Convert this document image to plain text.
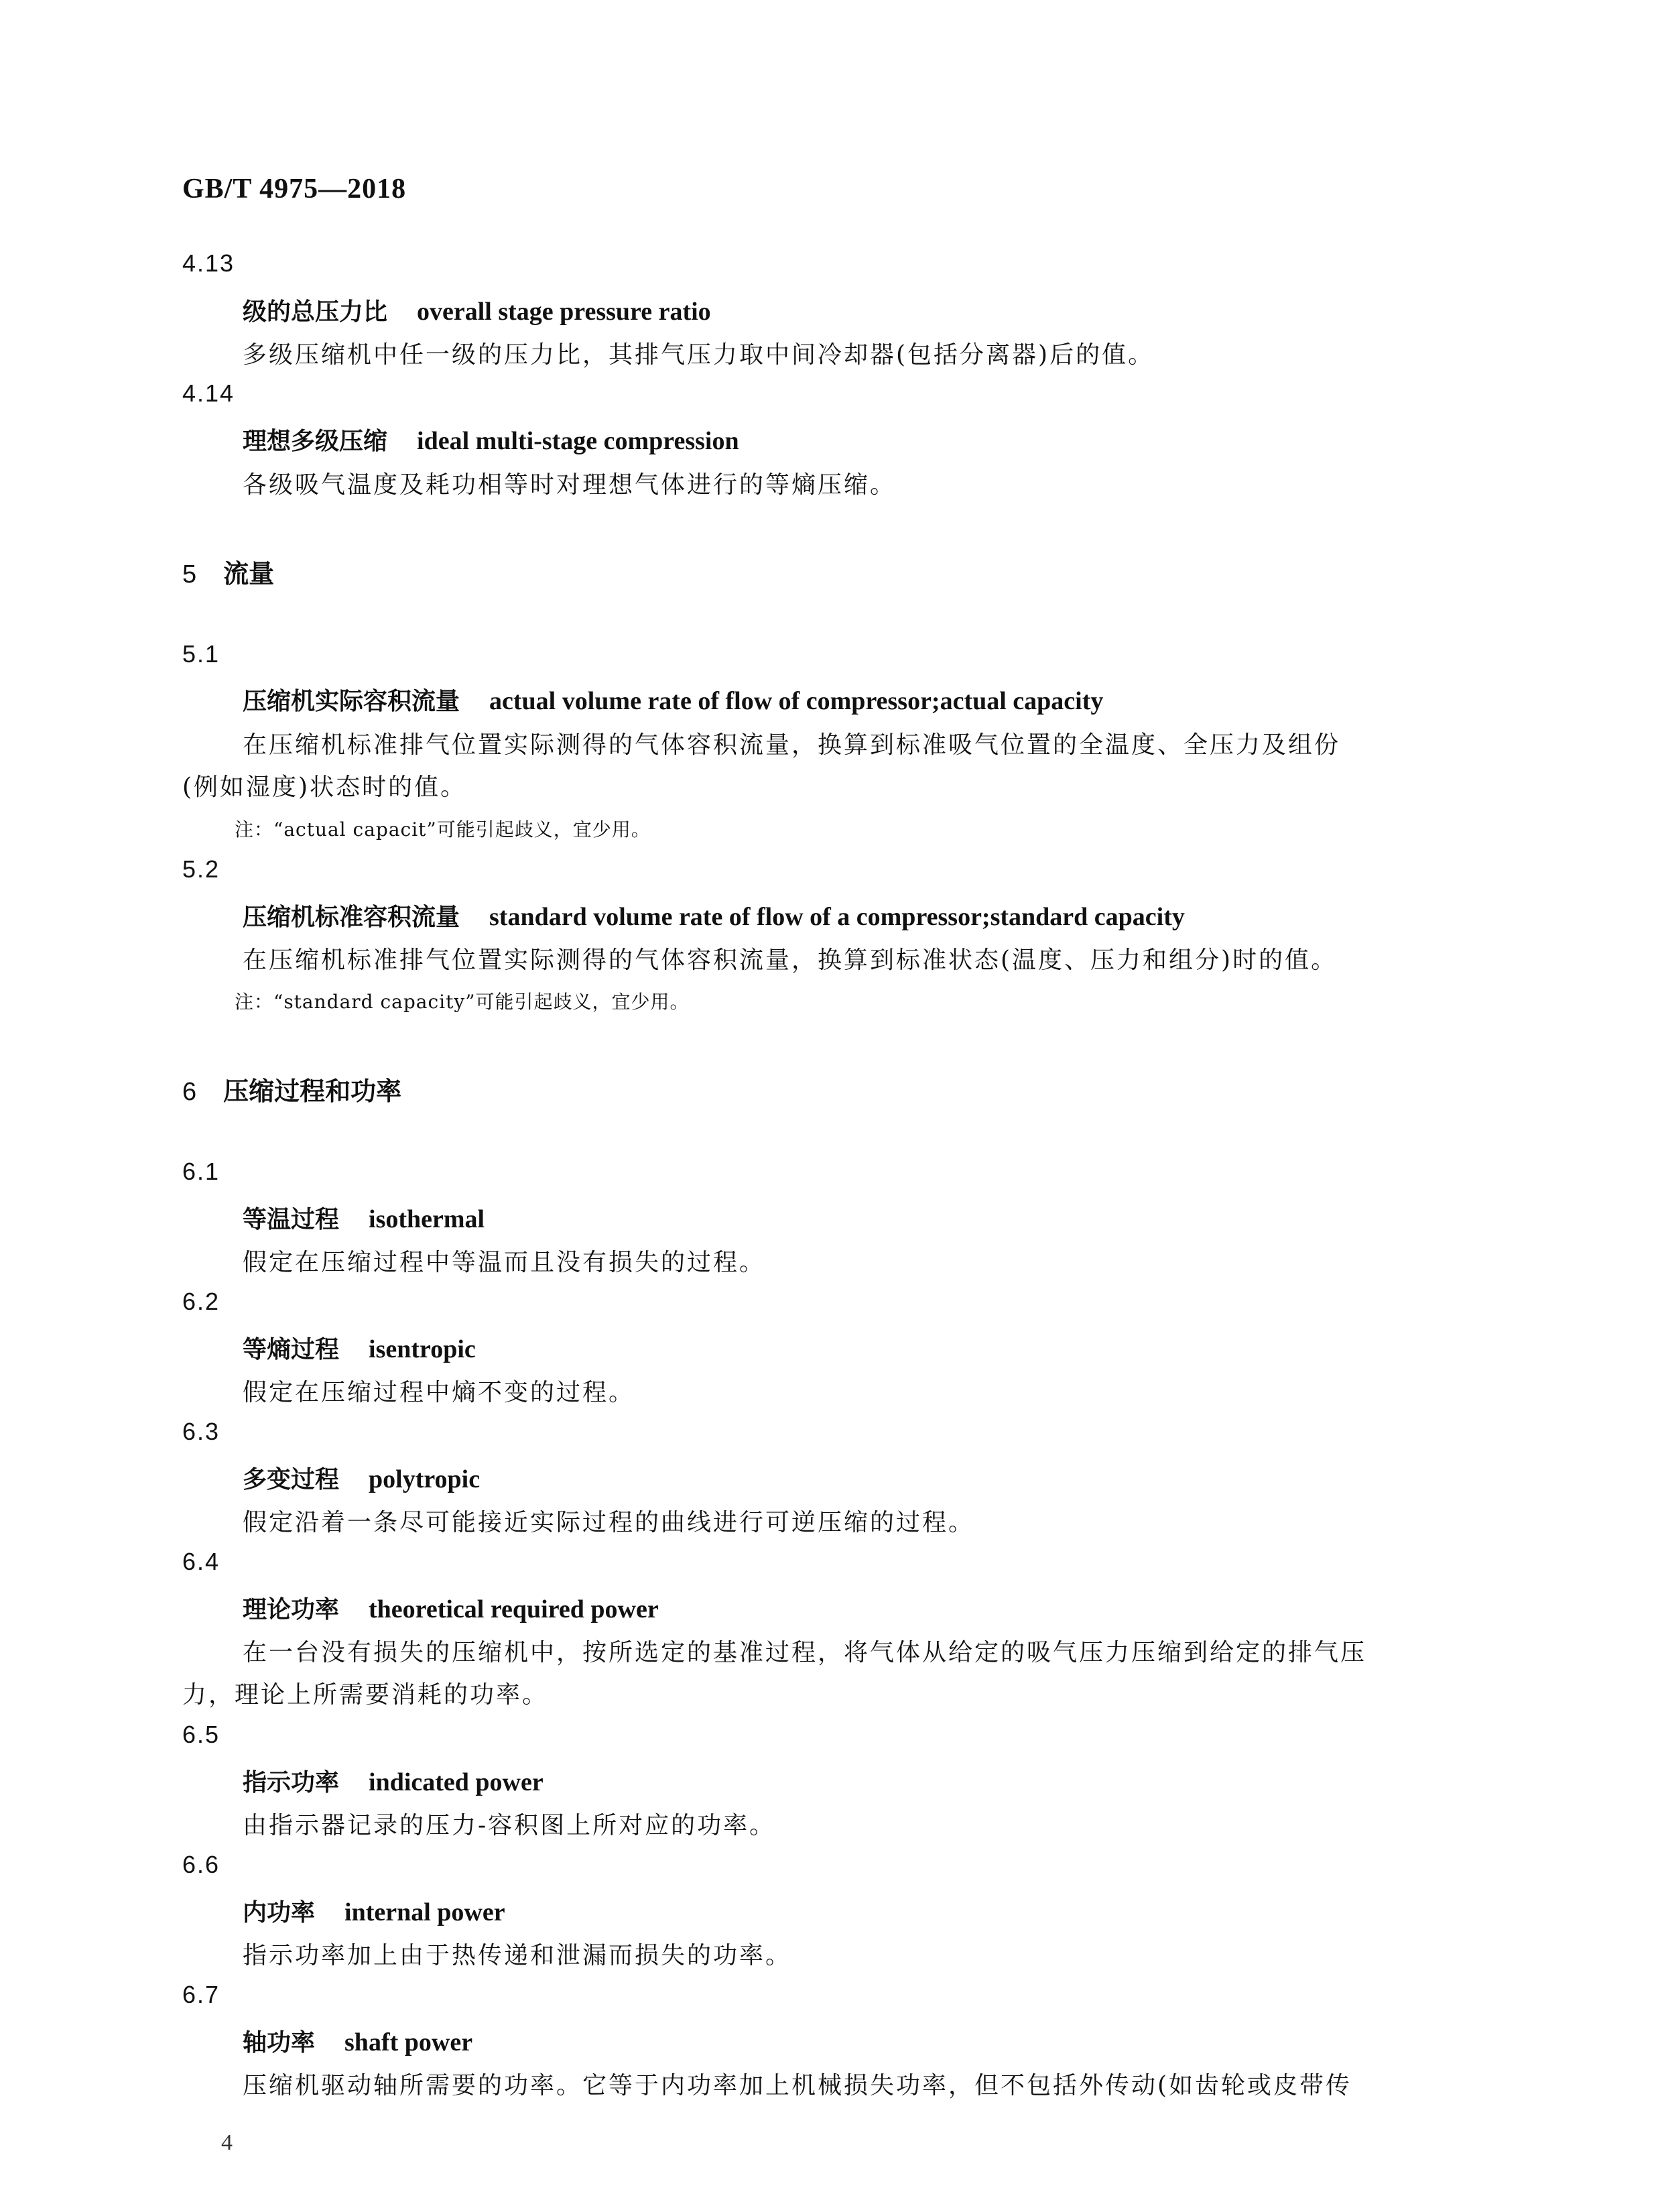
GB/T 4975—2018
4.13
级的总压力比 overall stage pressure ratio
多级压缩机中任一级的压力比，其排气压力取中间冷却器(包括分离器)后的值。
4.14
理想多级压缩 ideal multi-stage compression
各级吸气温度及耗功相等时对理想气体进行的等熵压缩。
5 流量
5.1
压缩机实际容积流量 actual volume rate of flow of compressor;actual capacity
在压缩机标准排气位置实际测得的气体容积流量，换算到标准吸气位置的全温度、全压力及组份
(例如湿度)状态时的值。
注：“actual capacit”可能引起歧义，宜少用。
5.2
压缩机标准容积流量 standard volume rate of flow of a compressor;standard capacity
在压缩机标准排气位置实际测得的气体容积流量，换算到标准状态(温度、压力和组分)时的值。
注：“standard capacity”可能引起歧义，宜少用。
6 压缩过程和功率
6.1
等温过程 isothermal
假定在压缩过程中等温而且没有损失的过程。
6.2
等熵过程 isentropic
假定在压缩过程中熵不变的过程。
6.3
多变过程 polytropic
假定沿着一条尽可能接近实际过程的曲线进行可逆压缩的过程。
6.4
理论功率 theoretical required power
在一台没有损失的压缩机中，按所选定的基准过程，将气体从给定的吸气压力压缩到给定的排气压
力，理论上所需要消耗的功率。
6.5
指示功率 indicated power
由指示器记录的压力-容积图上所对应的功率。
6.6
内功率 internal power
指示功率加上由于热传递和泄漏而损失的功率。
6.7
轴功率 shaft power
压缩机驱动轴所需要的功率。它等于内功率加上机械损失功率，但不包括外传动(如齿轮或皮带传
4
